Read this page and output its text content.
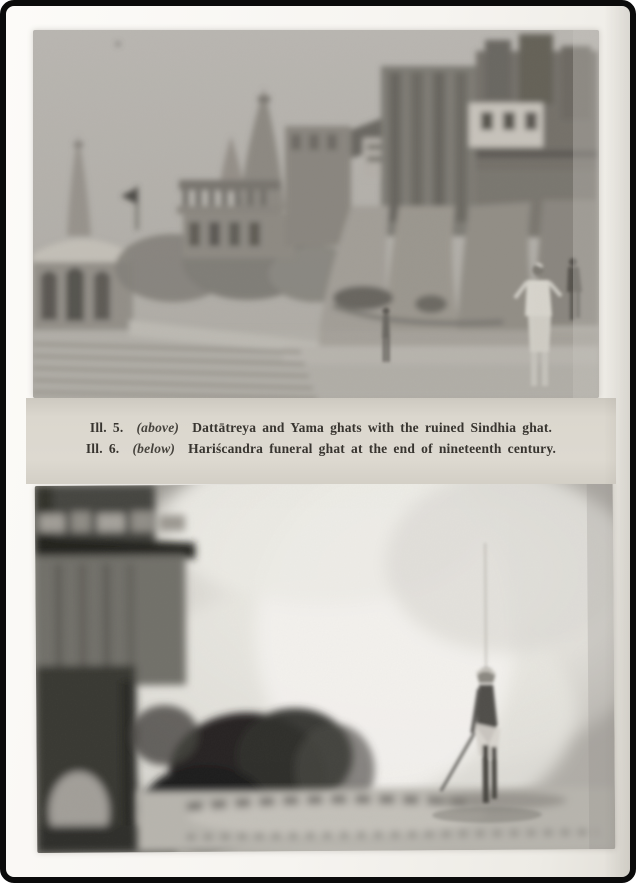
Ill. 5. (above) Dattātreya and Yama ghats with the ruined Sindhia ghat.

Ill. 6. (below) Hariścandra funeral ghat at the end of nineteenth century.
